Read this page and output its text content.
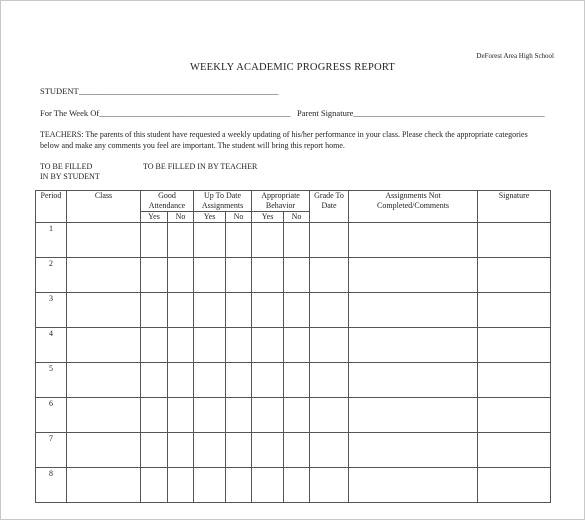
DeForest Area High School
WEEKLY ACADEMIC PROGRESS REPORT
STUDENT_______________________________________________
For The Week Of_____________________________________________ Parent Signature_____________________________________________
TEACHERS: The parents of this student have requested a weekly updating of his/her performance in your class. Please check the appropriate categories below and make any comments you feel are important. The student will bring this report home.
TO BE FILLED
IN BY STUDENT
TO BE FILLED IN BY TEACHER
Period	Class	Good Attendance		Up To Date Assignments		Appropriate Behavior		Grade To Date	Assignments Not Completed/Comments	Signature
		Yes	No	Yes	No	Yes	No			
1										
2										
3										
4										
5										
6										
7										
8										
